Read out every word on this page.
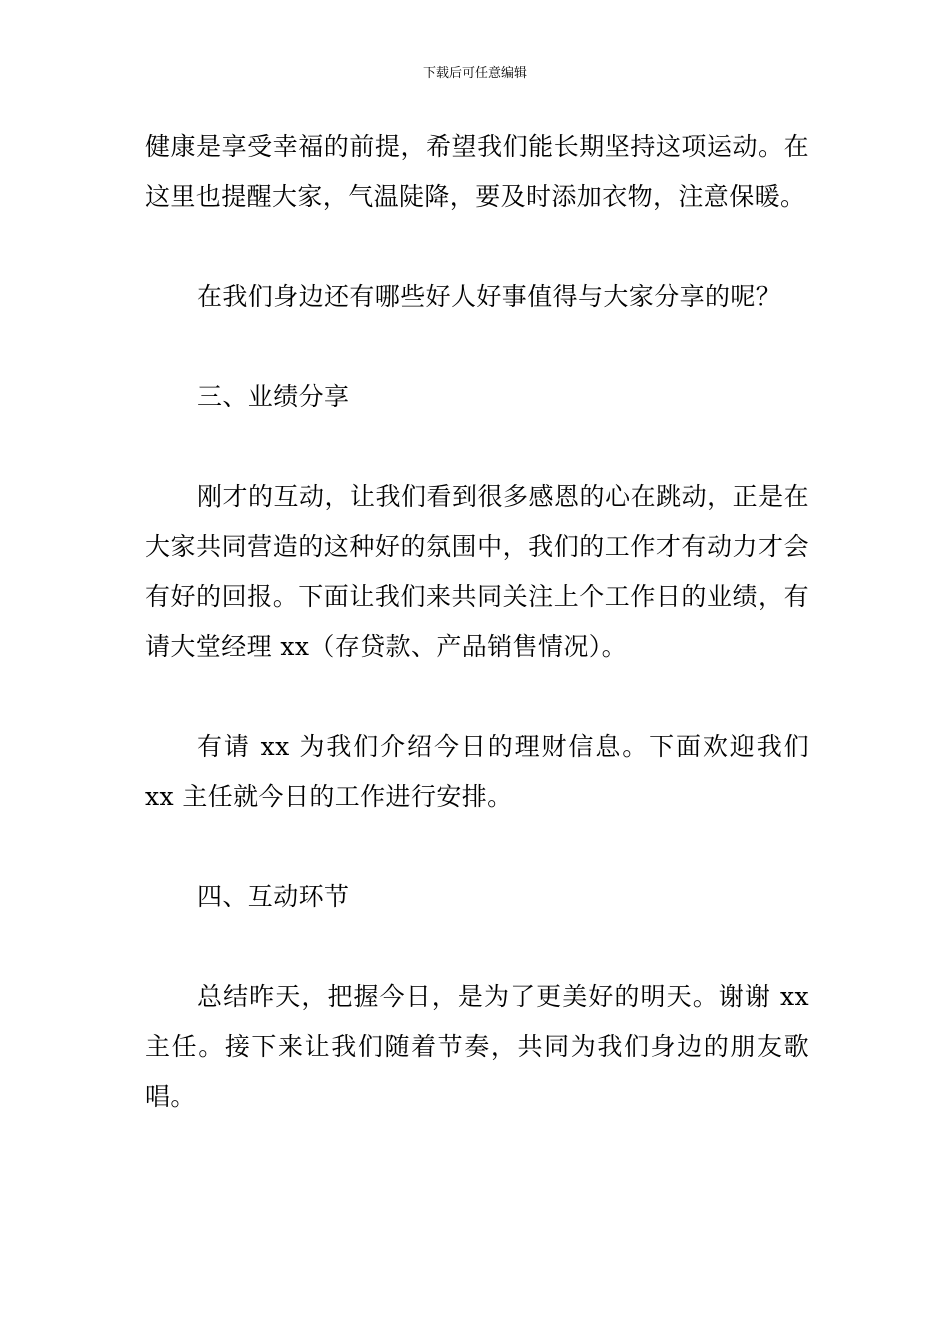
下载后可任意编辑

健康是享受幸福的前提，希望我们能长期坚持这项运动。在这里也提醒大家，气温陡降，要及时添加衣物，注意保暖。

在我们身边还有哪些好人好事值得与大家分享的呢？

三、业绩分享

刚才的互动，让我们看到很多感恩的心在跳动，正是在大家共同营造的这种好的氛围中，我们的工作才有动力才会有好的回报。下面让我们来共同关注上个工作日的业绩，有请大堂经理 xx（存贷款、产品销售情况）。

有请 xx 为我们介绍今日的理财信息。下面欢迎我们 xx 主任就今日的工作进行安排。

四、互动环节

总结昨天，把握今日，是为了更美好的明天。谢谢 xx 主任。接下来让我们随着节奏，共同为我们身边的朋友歌唱。
